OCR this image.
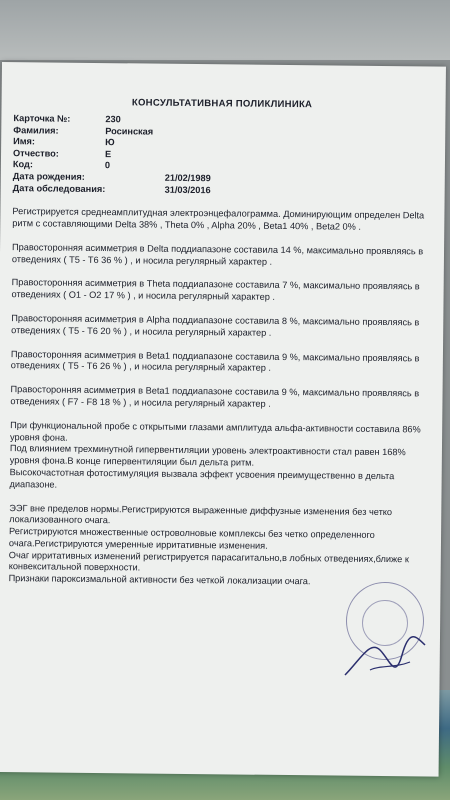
КОНСУЛЬТАТИВНАЯ ПОЛИКЛИНИКА
Карточка №:	230
Фамилия:	Росинская
Имя:	Ю
Отчество:	Е
Код:	0
Дата рождения:	21/02/1989
Дата обследования:	31/03/2016
Регистрируется среднеамплитудная электроэнцефалограмма. Доминирующим определен Delta ритм с составляющими Delta 38% , Theta 0% , Alpha 20% , Beta1 40% , Beta2 0% .
Правосторонняя асимметрия в Delta поддиапазоне составила 14 %, максимально проявляясь в отведениях ( T5 - T6 36 % ) , и носила регулярный характер .
Правосторонняя асимметрия в Theta поддиапазоне составила 7 %, максимально проявляясь в отведениях ( O1 - O2 17 % ) , и носила регулярный характер .
Правосторонняя асимметрия в Alpha поддиапазоне составила 8 %, максимально проявляясь в отведениях ( T5 - T6 20 % ) , и носила регулярный характер .
Правосторонняя асимметрия в Beta1 поддиапазоне составила 9 %, максимально проявляясь в отведениях ( T5 - T6 26 % ) , и носила регулярный характер .
Правосторонняя асимметрия в Beta1 поддиапазоне составила 9 %, максимально проявляясь в отведениях ( F7 - F8 18 % ) , и носила регулярный характер .
При функциональной пробе с открытыми глазами амплитуда альфа-активности составила 86% уровня фона.
Под влиянием трехминутной гипервентиляции уровень электроактивности стал равен 168% уровня фона.В конце гипервентиляции был дельта ритм.
Высокочастотная фотостимуляция вызвала эффект усвоения преимущественно в дельта диапазоне.
ЭЭГ вне пределов нормы.Регистрируются выраженные диффузные изменения без четко локализованного очага.
Регистрируются множественные островолновые комплексы без четко определенного очага.Регистрируются умеренные ирритативные изменения.
Очаг ирритативных изменений регистрируется парасагитально,в лобных отведениях,ближе к конвекситальной поверхности.
Признаки пароксизмальной активности без четкой локализации очага.
